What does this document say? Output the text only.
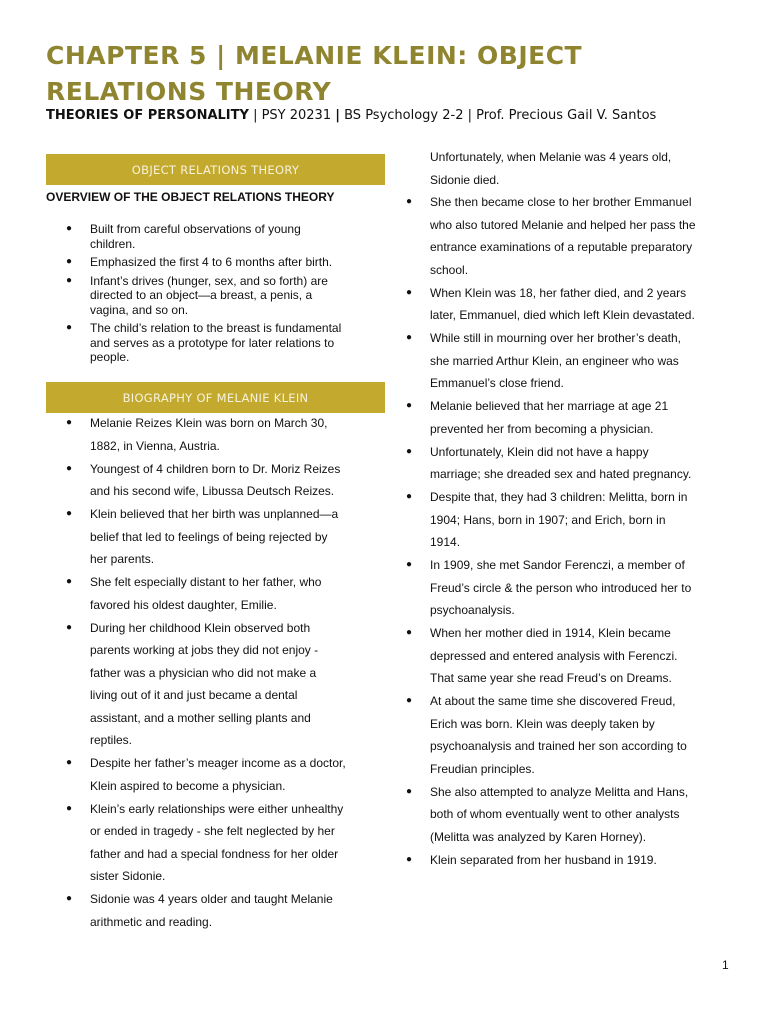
CHAPTER 5 | MELANIE KLEIN: OBJECT RELATIONS THEORY
THEORIES OF PERSONALITY | PSY 20231 | BS Psychology 2-2 | Prof. Precious Gail V. Santos
OBJECT RELATIONS THEORY
OVERVIEW OF THE OBJECT RELATIONS THEORY
● Built from careful observations of young children.
● Emphasized the first 4 to 6 months after birth.
● Infant’s drives (hunger, sex, and so forth) are directed to an object—a breast, a penis, a vagina, and so on.
● The child’s relation to the breast is fundamental and serves as a prototype for later relations to people.
BIOGRAPHY OF MELANIE KLEIN
● Melanie Reizes Klein was born on March 30, 1882, in Vienna, Austria.
● Youngest of 4 children born to Dr. Moriz Reizes and his second wife, Libussa Deutsch Reizes.
● Klein believed that her birth was unplanned—a belief that led to feelings of being rejected by her parents.
● She felt especially distant to her father, who favored his oldest daughter, Emilie.
● During her childhood Klein observed both parents working at jobs they did not enjoy - father was a physician who did not make a living out of it and just became a dental assistant, and a mother selling plants and reptiles.
● Despite her father’s meager income as a doctor, Klein aspired to become a physician.
● Klein’s early relationships were either unhealthy or ended in tragedy - she felt neglected by her father and had a special fondness for her older sister Sidonie.
● Sidonie was 4 years older and taught Melanie arithmetic and reading.
Unfortunately, when Melanie was 4 years old, Sidonie died.
● She then became close to her brother Emmanuel who also tutored Melanie and helped her pass the entrance examinations of a reputable preparatory school.
● When Klein was 18, her father died, and 2 years later, Emmanuel, died which left Klein devastated.
● While still in mourning over her brother’s death, she married Arthur Klein, an engineer who was Emmanuel’s close friend.
● Melanie believed that her marriage at age 21 prevented her from becoming a physician.
● Unfortunately, Klein did not have a happy marriage; she dreaded sex and hated pregnancy.
● Despite that, they had 3 children: Melitta, born in 1904; Hans, born in 1907; and Erich, born in 1914.
● In 1909, she met Sandor Ferenczi, a member of Freud’s circle & the person who introduced her to psychoanalysis.
● When her mother died in 1914, Klein became depressed and entered analysis with Ferenczi. That same year she read Freud’s on Dreams.
● At about the same time she discovered Freud, Erich was born. Klein was deeply taken by psychoanalysis and trained her son according to Freudian principles.
● She also attempted to analyze Melitta and Hans, both of whom eventually went to other analysts (Melitta was analyzed by Karen Horney).
● Klein separated from her husband in 1919.
1
